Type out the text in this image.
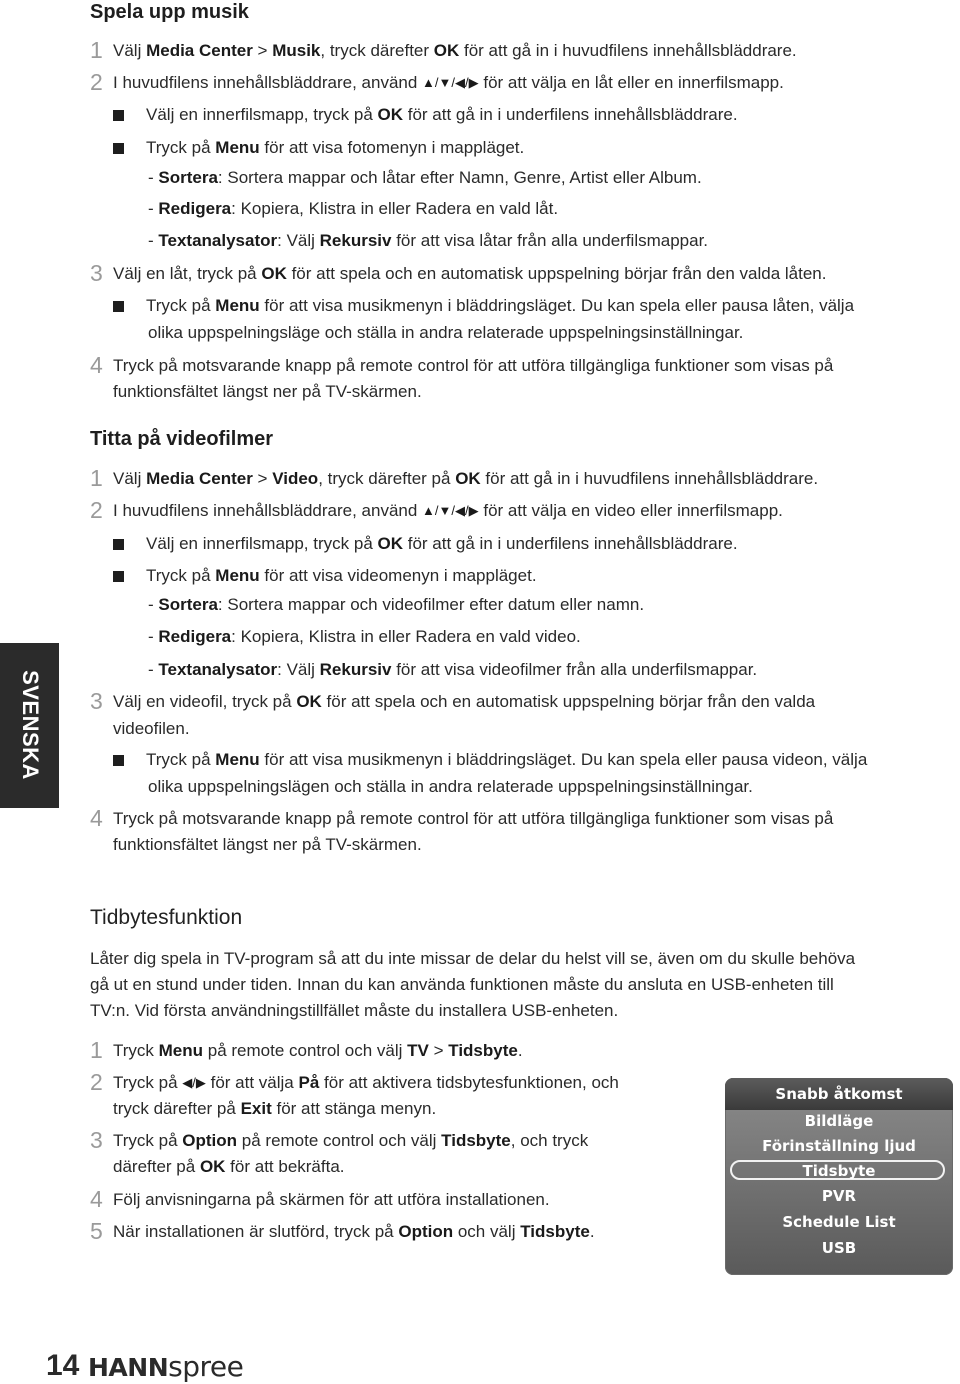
SVENSKA
Spela upp musik
1 Välj Media Center > Musik, tryck därefter OK för att gå in i huvudfilens innehållsbläddrare.

2 I huvudfilens innehållsbläddrare, använd ▲/▼/◀/▶ för att välja en låt eller en innerfilsmapp.

Välj en innerfilsmapp, tryck på OK för att gå in i underfilens innehållsbläddrare.

Tryck på Menu för att visa fotomenyn i mappläget.

- Sortera: Sortera mappar och låtar efter Namn, Genre, Artist eller Album.

- Redigera: Kopiera, Klistra in eller Radera en vald låt.

- Textanalysator: Välj Rekursiv för att visa låtar från alla underfilsmappar.

3 Välj en låt, tryck på OK för att spela och en automatisk uppspelning börjar från den valda låten.

Tryck på Menu för att visa musikmenyn i bläddringsläget. Du kan spela eller pausa låten, välja

olika uppspelningsläge och ställa in andra relaterade uppspelningsinställningar.

4 Tryck på motsvarande knapp på remote control för att utföra tillgängliga funktioner som visas på

funktionsfältet längst ner på TV-skärmen.

Titta på videofilmer
1 Välj Media Center > Video, tryck därefter på OK för att gå in i huvudfilens innehållsbläddrare.

2 I huvudfilens innehållsbläddrare, använd ▲/▼/◀/▶ för att välja en video eller innerfilsmapp.

Välj en innerfilsmapp, tryck på OK för att gå in i underfilens innehållsbläddrare.

Tryck på Menu för att visa videomenyn i mappläget.

- Sortera: Sortera mappar och videofilmer efter datum eller namn.

- Redigera: Kopiera, Klistra in eller Radera en vald video.

- Textanalysator: Välj Rekursiv för att visa videofilmer från alla underfilsmappar.

3 Välj en videofil, tryck på OK för att spela och en automatisk uppspelning börjar från den valda

videofilen.

Tryck på Menu för att visa musikmenyn i bläddringsläget. Du kan spela eller pausa videon, välja

olika uppspelningslägen och ställa in andra relaterade uppspelningsinställningar.

4 Tryck på motsvarande knapp på remote control för att utföra tillgängliga funktioner som visas på

funktionsfältet längst ner på TV-skärmen.

Tidbytesfunktion

Låter dig spela in TV-program så att du inte missar de delar du helst vill se, även om du skulle behöva

gå ut en stund under tiden. Innan du kan använda funktionen måste du ansluta en USB-enheten till

TV:n. Vid första användningstillfället måste du installera USB-enheten.

1 Tryck Menu på remote control och välj TV > Tidsbyte.

2 Tryck på ◀/▶ för att välja På för att aktivera tidsbytesfunktionen, och

tryck därefter på Exit för att stänga menyn.

3 Tryck på Option på remote control och välj Tidsbyte, och tryck

därefter på OK för att bekräfta.

4 Följ anvisningarna på skärmen för att utföra installationen.

5 När installationen är slutförd, tryck på Option och välj Tidsbyte.

Snabb åtkomst
Bildläge
Förinställning ljud
Tidsbyte
PVR
Schedule List
USB
14 HANNspree
